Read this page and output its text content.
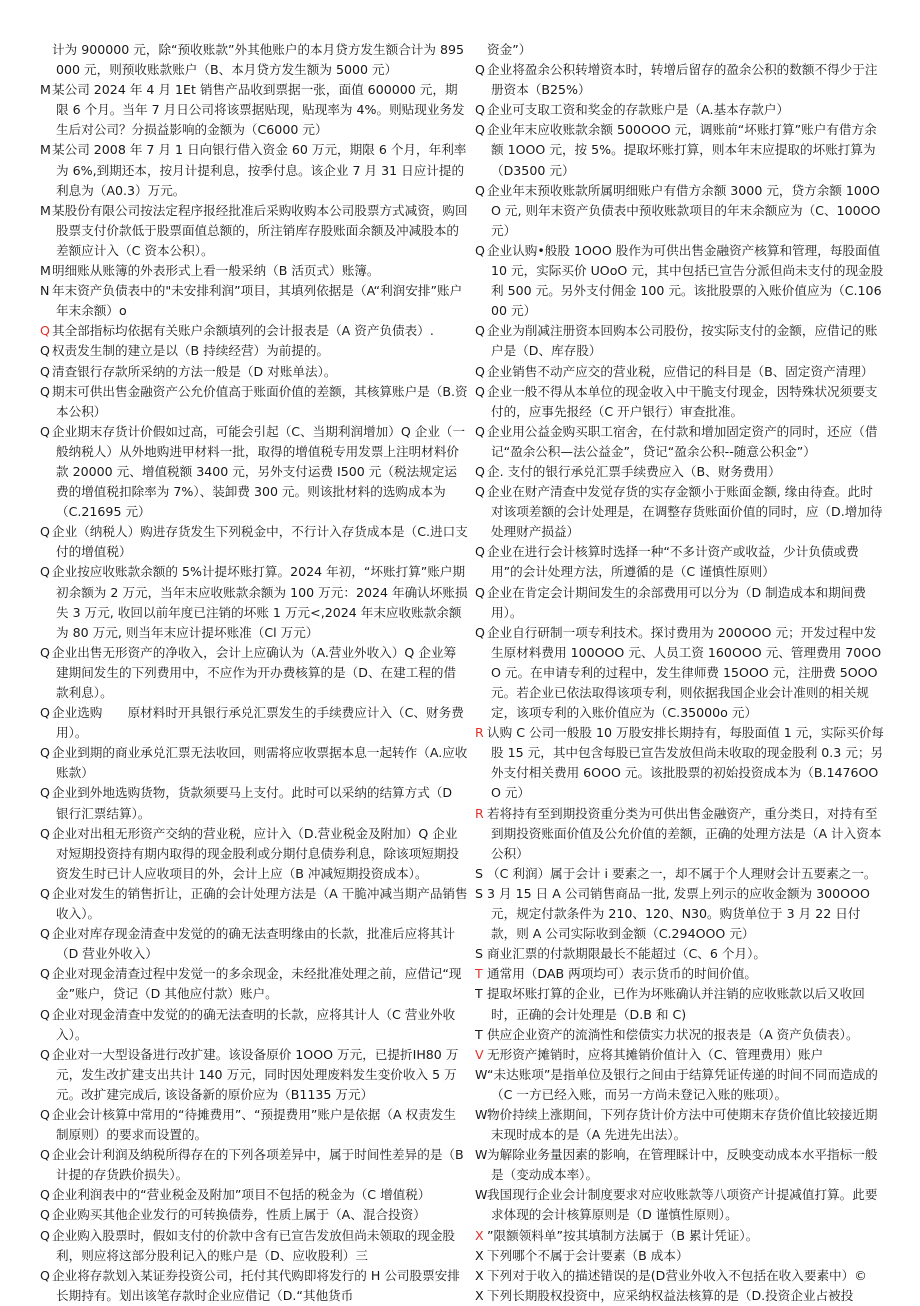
计为 900000 元，除“预收账款”外其他账户的本月贷方发生额合计为 895000 元，则预收账款账户（B、本月贷方发生额为 5000 元）

M某公司 2024 年 4 月 1Et 销售产品收到票据一张，面值 600000 元，期限 6 个月。当年 7 月日公司将该票据贴现，贴现率为 4%。则贴现业务发生后对公司？分损益影响的金额为（C6000 元）

M某公司 2008 年 7 月 1 日向银行借入资金 60 万元，期限 6 个月，年利率为 6%,到期还本，按月计提利息，按季付息。该企业 7 月 31 日应计提的利息为（A0.3）万元。

M某股份有限公司按法定程序报经批准后采购收购本公司股票方式减资，购回股票支付价款低于股票面值总额的，所注销库存股账面余额及冲减股本的差额应计入（C 资本公积）。

M明细账从账簿的外表形式上看一般采纳（B 活页式）账簿。

N 年末资产负债表中的"未安排利润”项目，其填列依据是（A“利润安排”账户年末余额）o

Q 其全部指标均依据有关账户余额填列的会计报表是（A 资产负债表）.

Q 权责发生制的建立是以（B 持续经营）为前提的。

Q 清查银行存款所采纳的方法一般是（D 对账单法）。

Q 期末可供出售金融资产公允价值高于账面价值的差额，其核算账户是（B.资本公积）

Q 企业期末存货计价假如过高，可能会引起（C、当期利润增加）Q 企业（一般纳税人）从外地购进甲材料一批，取得的增值税专用发票上注明材料价款 20000 元、增值税额 3400 元，另外支付运费 I500 元（税法规定运费的增值税扣除率为 7%）、装卸费 300 元。则该批材料的选购成本为（C.21695 元）

Q 企业（纳税人）购进存货发生下列税金中，不行计入存货成本是（C.进口支付的增值税）

Q 企业按应收账款余额的 5%计提坏账打算。2024 年初，“坏账打算”账户期初余额为 2 万元，当年末应收账款余额为 100 万元：2024 年确认坏账损失 3 万元, 收回以前年度已注销的坏账 1 万元<,2024 年末应收账款余额为 80 万元, 则当年末应计提坏账准（Cl 万元）

Q 企业出售无形资产的净收入，会计上应确认为（A.营业外收入）Q 企业筹建期间发生的下列费用中，不应作为开办费核算的是（D、在建工程的借款利息）。

Q 企业选购　　原材料时开具银行承兑汇票发生的手续费应计入（C、财务费用）。

Q 企业到期的商业承兑汇票无法收回，则需将应收票据本息一起转作（A.应收账款）

Q 企业到外地选购货物，货款须要马上支付。此时可以采纳的结算方式（D 银行汇票结算）。

Q 企业对出租无形资产交纳的营业税，应计入（D.营业税金及附加）Q 企业对短期投资持有期内取得的现金股利或分期付息债券利息，除该项短期投资发生时已计人应收项目的外，会计上应（B 冲减短期投资成本）。

Q 企业对发生的销售折让，正确的会计处理方法是（A 干脆冲减当期产品销售收入）。

Q 企业对库存现金清查中发觉的的确无法查明缘由的长款，批准后应将其计（D 营业外收入）

Q 企业对现金清查过程中发觉一的多余现金，未经批准处理之前，应借记“现金”账户，贷记（D 其他应付款）账户。

Q 企业对现金清查中发觉的的确无法查明的长款，应将其计人（C 营业外收入）。

Q 企业对一大型设备进行改扩建。该设备原价 1OOO 万元，已提折IH80 万元，发生改扩建支出共计 140 万元，同时因处理废料发生变价收入 5 万元。改扩建完成后, 该设备新的原价应为（B1135 万元）

Q 企业会计核算中常用的“待摊费用”、“预提费用”账户是依据（A 权责发生制原则）的要求而设置的。

Q 企业会计利润及纳税所得存在的下列各项差异中，属于时间性差异的是（B 计提的存货跌价损失）。

Q 企业利润表中的“营业税金及附加”项目不包括的税金为（C 增值税）

Q 企业购买其他企业发行的可转换债券，性质上属于（A、混合投资）

Q 企业购入股票时，假如支付的价款中含有已宣告发放但尚未领取的现金股利，则应将这部分股利记入的账户是（D、应收股利）三

Q 企业将存款划入某证券投资公司，托付其代购即将发行的 H 公司股票安排长期持有。划出该笔存款时企业应借记（D.“其他货币

资金”）

Q 企业将盈余公积转增资本时，转增后留存的盈余公积的数额不得少于注册资本（B25%）

Q 企业可支取工资和奖金的存款账户是（A.基本存款户）

Q 企业年末应收账款余额 500OOO 元，调账前“坏账打算”账户有借方余额 1OOO 元，按 5%。提取坏账打算，则本年末应提取的坏账打算为（D3500 元）

Q 企业年末预收账款所属明细账户有借方余额 3000 元，贷方余额 100OO 元, 则年末资产负债表中预收账款项目的年末余额应为（C、100OO 元）

Q 企业认购•般股 1OOO 股作为可供出售金融资产核算和管理，每股面值 10 元，实际买价 UOoO 元，其中包括已宣告分派但尚未支付的现金股利 500 元。另外支付佣金 100 元。该批股票的入账价值应为（C.10600 元）

Q 企业为削减注册资本回购本公司股份，按实际支付的金额，应借记的账户是（D、库存股）

Q 企业销售不动产应交的营业税，应借记的科目是（B、固定资产清理）

Q 企业一般不得从本单位的现金收入中干脆支付现金，因特殊状况须要支付的，应事先报经（C 开户银行）审查批准。

Q 企业用公益金购买职工宿舍，在付款和增加固定资产的同时，还应（借记“盈余公积—法公益金”，贷记“盈余公积--随意公积金”）

Q 企. 支付的银行承兑汇票手续费应入（B、财务费用）

Q 企业在财产清查中发觉存货的实存金额小于账面金额, 缘由待查。此时对该项差额的会计处理是，在调整存货账面价值的同时，应（D.增加待处理财产损益）

Q 企业在进行会计核算时选择一种“不多计资产或收益，少计负债或费用”的会计处理方法，所遵循的是（C 谨慎性原则）

Q 企业在肯定会计期间发生的余部费用可以分为（D 制造成本和期间费用）。

Q 企业自行研制一项专利技术。探讨费用为 200OOO 元；开发过程中发生原材料费用 100OOO 元、人员工资 160OOO 元、管理费用 70OOO 元。在申请专利的过程中，发生律师费 15OOO 元，注册费 5OOO 元。若企业已依法取得该项专利，则依据我国企业会计准则的相关规定，该项专利的入账价值应为（C.35000o 元）

R 认购 C 公司一般股 10 万股安排长期持有，每股面值 1 元，实际买价每股 15 元，其中包含每股已宣告发放但尚未收取的现金股利 0.3 元；另外支付相关费用 6OOO 元。该批股票的初始投资成本为（B.1476OOO 元）

R 若将持有至到期投资重分类为可供出售金融资产，重分类日，对持有至到期投资账面价值及公允价值的差额，正确的处理方法是（A 计入资本公积）

S （C 利润）属于会计 i 要素之一，却不属于个人理财会计五要素之一。

S 3 月 15 日 A 公司销售商品一批, 发票上列示的应收金额为 300OOO 元，规定付款条件为 210、120、N30。购货单位于 3 月 22 日付款，则 A 公司实际收到金额（C.294OOO 元）

S 商业汇票的付款期限最长不能超过（C、6 个月）。

T 通常用（DAB 两项均可）表示货币的时间价值。

T 提取坏账打算的企业，已作为坏账确认并注销的应收账款以后又收回时，正确的会计处理是（D.B 和 C)

T 供应企业资产的流淌性和偿债实力状况的报表是（A 资产负债表）。

V 无形资产摊销时，应将其摊销价值计入（C、管理费用）账户

W“未达账项”是指单位及银行之间由于结算凭证传递的时间不同而造成的（C 一方已经入账，而另一方尚未登记入账的账项）。

W物价持续上涨期间，下列存货计价方法中可使期末存货价值比较接近期末现时成本的是（A 先进先出法）。

W为解除业务量因素的影响，在管理睬计中，反映变动成本水平指标一般是（变动成本率）。

W我国现行企业会计制度要求对应收账款等八项资产计提减值打算。此要求体现的会计核算原则是（D 谨慎性原则）。

X ”限额领料单”按其填制方法属于（B 累计凭证）。

X 下列哪个不属于会计要素（B 成本）

X 下列对于收入的描述错误的是(D营业外收入不包括在收入要素中）©

X 下列长期股权投资中，应采纳权益法核算的是（D.投资企业占被投
